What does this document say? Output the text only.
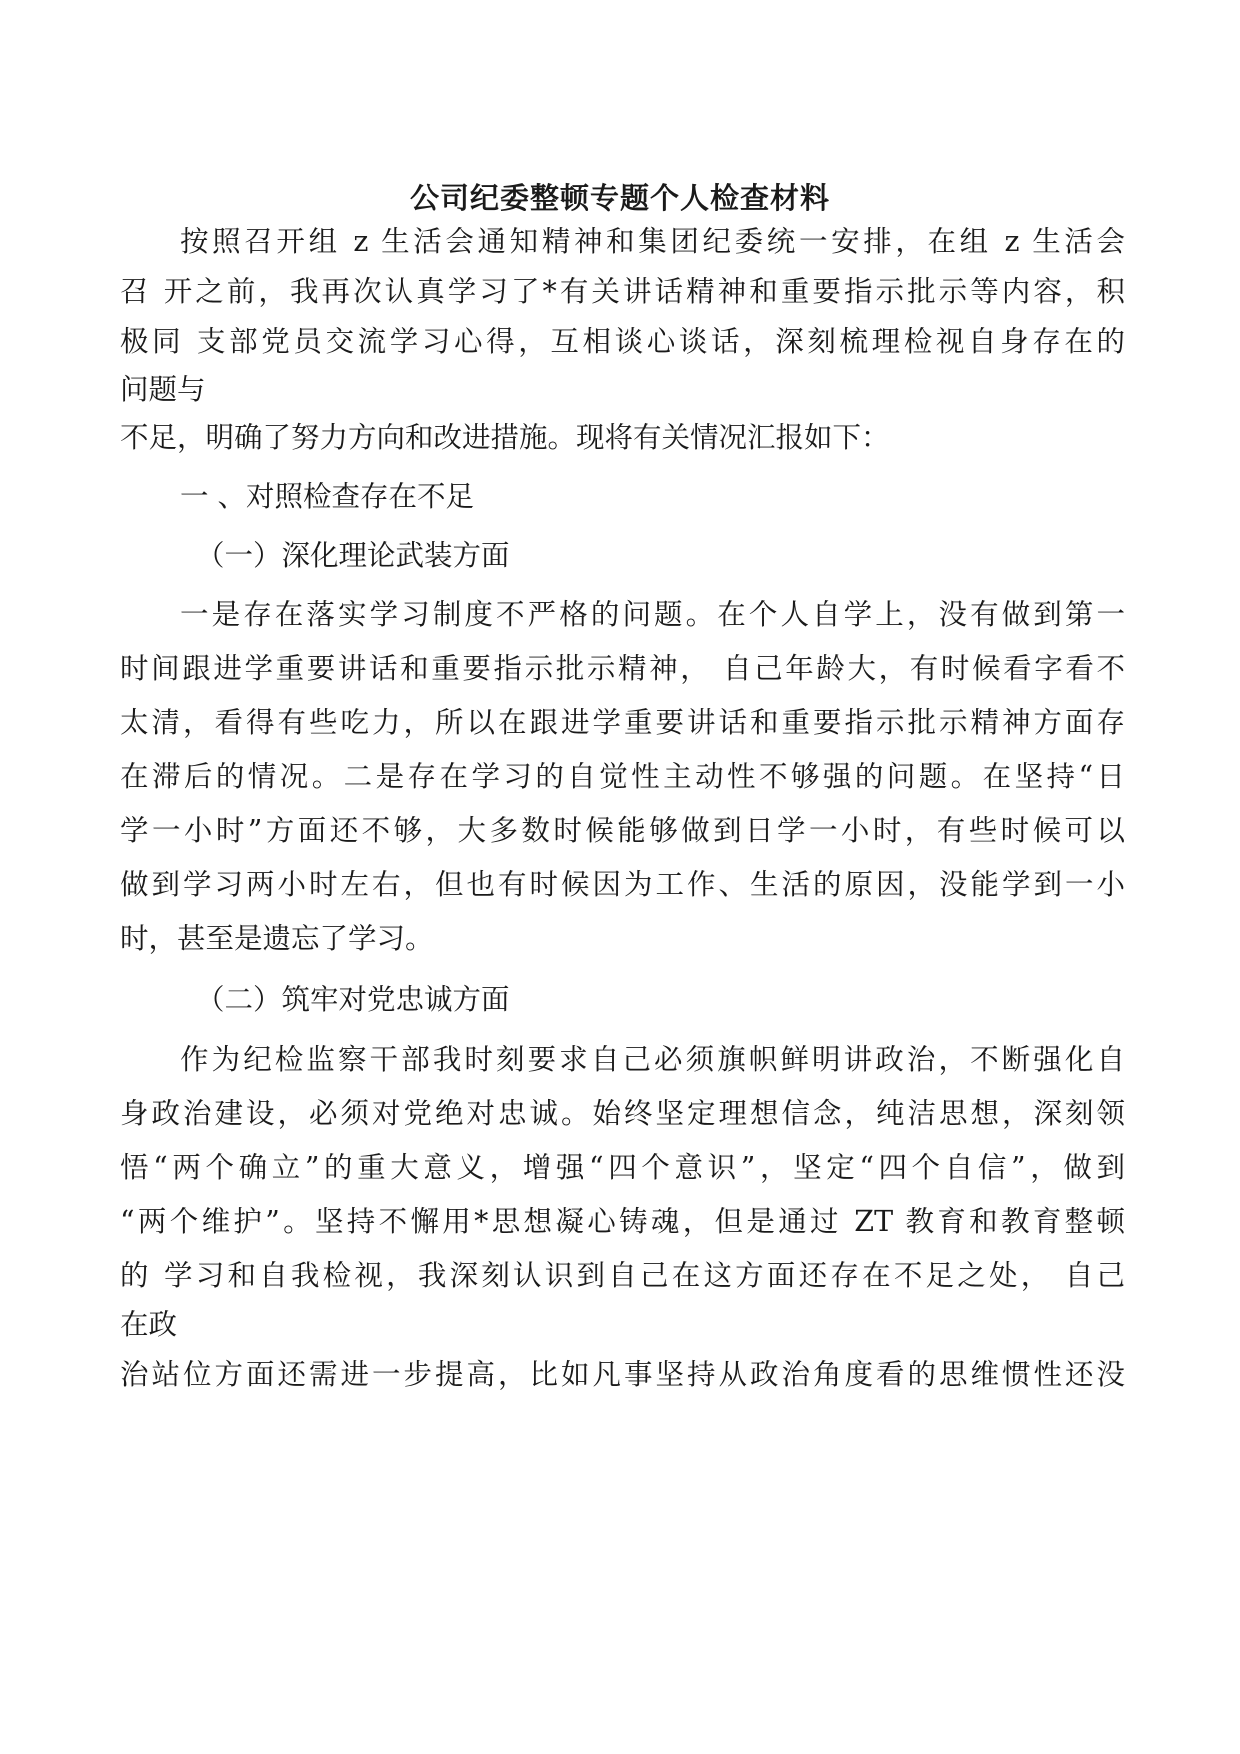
公司纪委整顿专题个人检查材料
按照召开组 z 生活会通知精神和集团纪委统一安排，在组 z 生活会
召 开之前，我再次认真学习了*有关讲话精神和重要指示批示等内容，积
极同 支部党员交流学习心得，互相谈心谈话，深刻梳理检视自身存在的
问题与
不足，明确了努力方向和改进措施。现将有关情况汇报如下：
一 、对照检查存在不足
（一）深化理论武装方面
一是存在落实学习制度不严格的问题。在个人自学上，没有做到第一
时间跟进学重要讲话和重要指示批示精神， 自己年龄大，有时候看字看不
太清，看得有些吃力，所以在跟进学重要讲话和重要指示批示精神方面存
在滞后的情况。二是存在学习的自觉性主动性不够强的问题。在坚持“日
学一小时”方面还不够，大多数时候能够做到日学一小时，有些时候可以
做到学习两小时左右，但也有时候因为工作、生活的原因，没能学到一小
时，甚至是遗忘了学习。
（二）筑牢对党忠诚方面
作为纪检监察干部我时刻要求自己必须旗帜鲜明讲政治，不断强化自
身政治建设，必须对党绝对忠诚。始终坚定理想信念，纯洁思想，深刻领
悟“两个确立”的重大意义，增强“四个意识”，坚定“四个自信”，做到
“两个维护”。坚持不懈用*思想凝心铸魂，但是通过 ZT 教育和教育整顿
的 学习和自我检视，我深刻认识到自己在这方面还存在不足之处， 自己
在政
治站位方面还需进一步提高，比如凡事坚持从政治角度看的思维惯性还没
